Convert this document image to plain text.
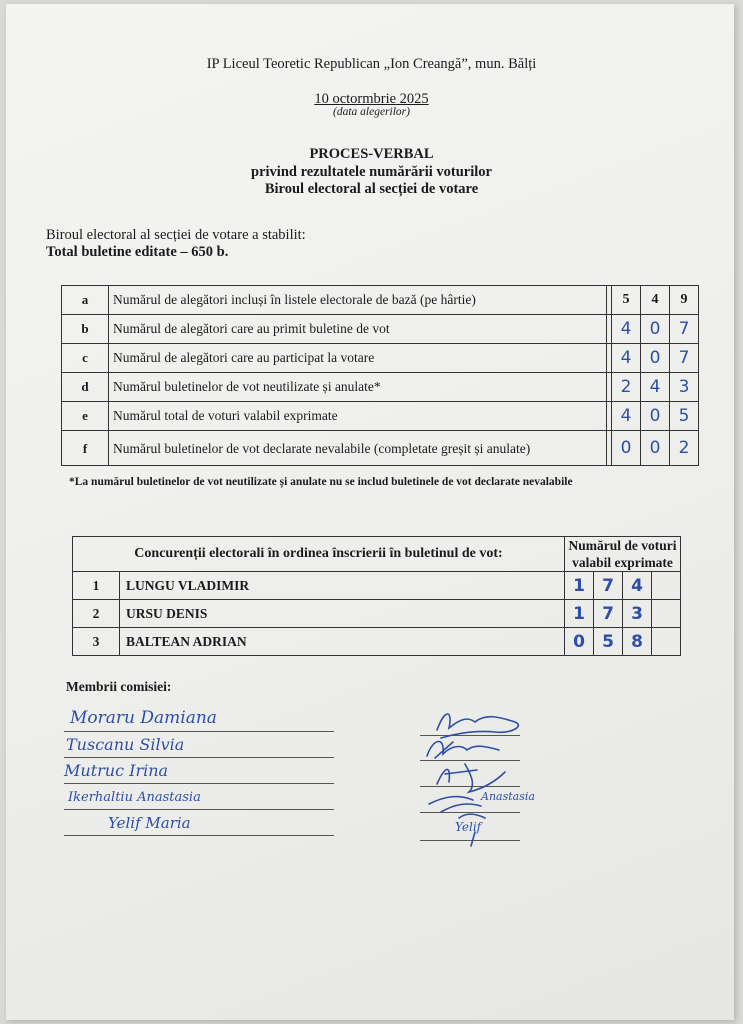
IP Liceul Teoretic Republican „Ion Creangă”, mun. Bălți
10 octormbrie 2025
(data alegerilor)
PROCES-VERBAL
privind rezultatele numărării voturilor
Biroul electoral al secției de votare
Biroul electoral al secției de votare a stabilit:
Total buletine editate – 650 b.
a	Numărul de alegători incluși în listele electorale de bază (pe hârtie)		5	4	9
b	Numărul de alegători care au primit buletine de vot		4	0	7
c	Numărul de alegători care au participat la votare		4	0	7
d	Numărul buletinelor de vot neutilizate și anulate*		2	4	3
e	Numărul total de voturi valabil exprimate		4	0	5
f	Numărul buletinelor de vot declarate nevalabile (completate greșit și anulate)		0	0	2
*La numărul buletinelor de vot neutilizate și anulate nu se includ buletinele de vot declarate nevalabile
Concurenții electorali în ordinea înscrierii în buletinul de vot:		Numărul de voturi valabil exprimate			
1	LUNGU VLADIMIR	1	7	4	
2	URSU DENIS	1	7	3	
3	BALTEAN ADRIAN	0	5	8	
Membrii comisiei:
Moraru Damiana
Tuscanu Silvia
Mutruc Irina
Ikerhaltiu Anastasia
Yelif Maria
Anastasia
Yelif
